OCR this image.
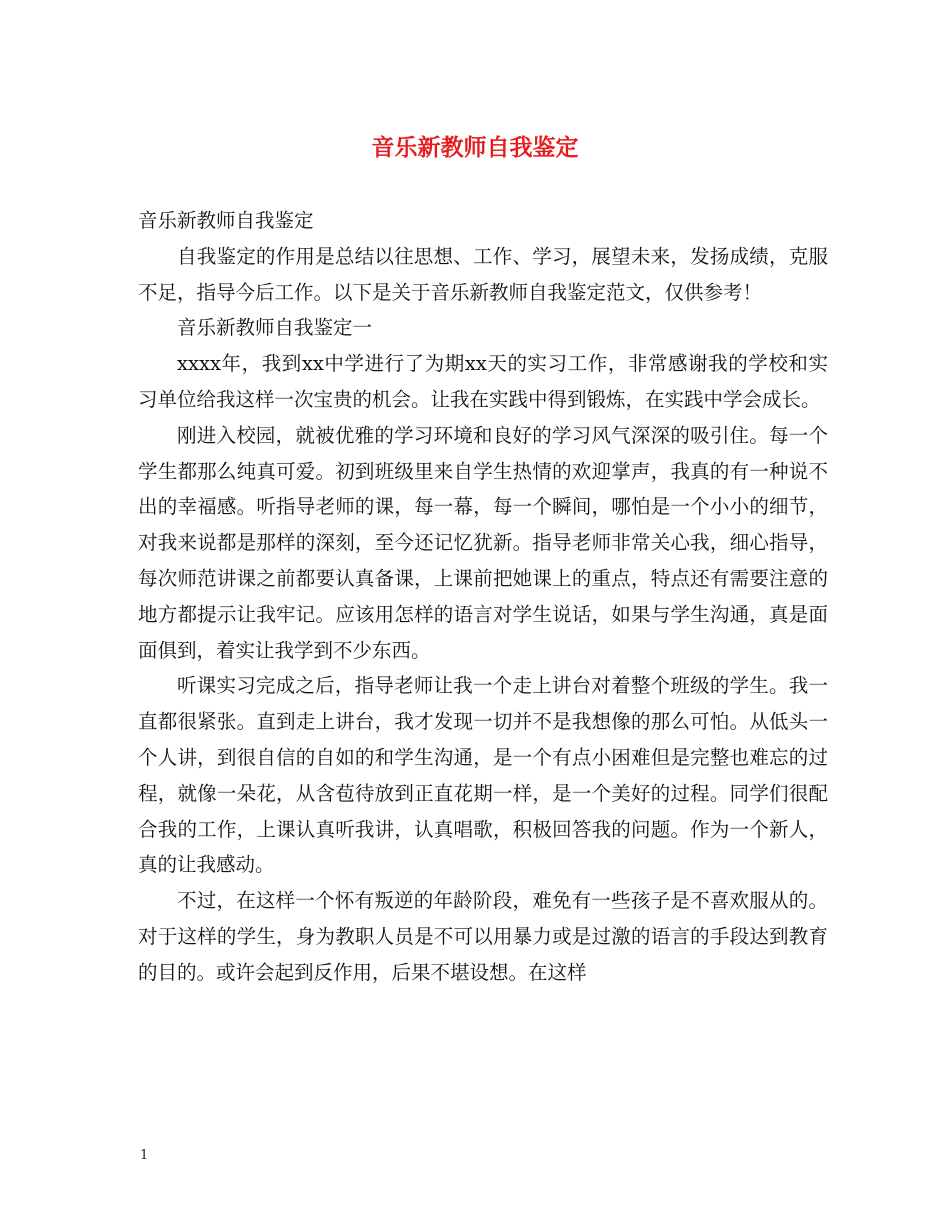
音乐新教师自我鉴定

音乐新教师自我鉴定

自我鉴定的作用是总结以往思想、工作、学习，展望未来，发扬成绩，克服不足，指导今后工作。以下是关于音乐新教师自我鉴定范文，仅供参考！

音乐新教师自我鉴定一

xxxx年，我到xx中学进行了为期xx天的实习工作，非常感谢我的学校和实习单位给我这样一次宝贵的机会。让我在实践中得到锻炼，在实践中学会成长。

刚进入校园，就被优雅的学习环境和良好的学习风气深深的吸引住。每一个学生都那么纯真可爱。初到班级里来自学生热情的欢迎掌声，我真的有一种说不出的幸福感。听指导老师的课，每一幕，每一个瞬间，哪怕是一个小小的细节，对我来说都是那样的深刻，至今还记忆犹新。指导老师非常关心我，细心指导，每次师范讲课之前都要认真备课，上课前把她课上的重点，特点还有需要注意的地方都提示让我牢记。应该用怎样的语言对学生说话，如果与学生沟通，真是面面俱到，着实让我学到不少东西。

听课实习完成之后，指导老师让我一个走上讲台对着整个班级的学生。我一直都很紧张。直到走上讲台，我才发现一切并不是我想像的那么可怕。从低头一个人讲，到很自信的自如的和学生沟通，是一个有点小困难但是完整也难忘的过程，就像一朵花，从含苞待放到正直花期一样，是一个美好的过程。同学们很配合我的工作，上课认真听我讲，认真唱歌，积极回答我的问题。作为一个新人，真的让我感动。

不过，在这样一个怀有叛逆的年龄阶段，难免有一些孩子是不喜欢服从的。对于这样的学生，身为教职人员是不可以用暴力或是过激的语言的手段达到教育的目的。或许会起到反作用，后果不堪设想。在这样

1
